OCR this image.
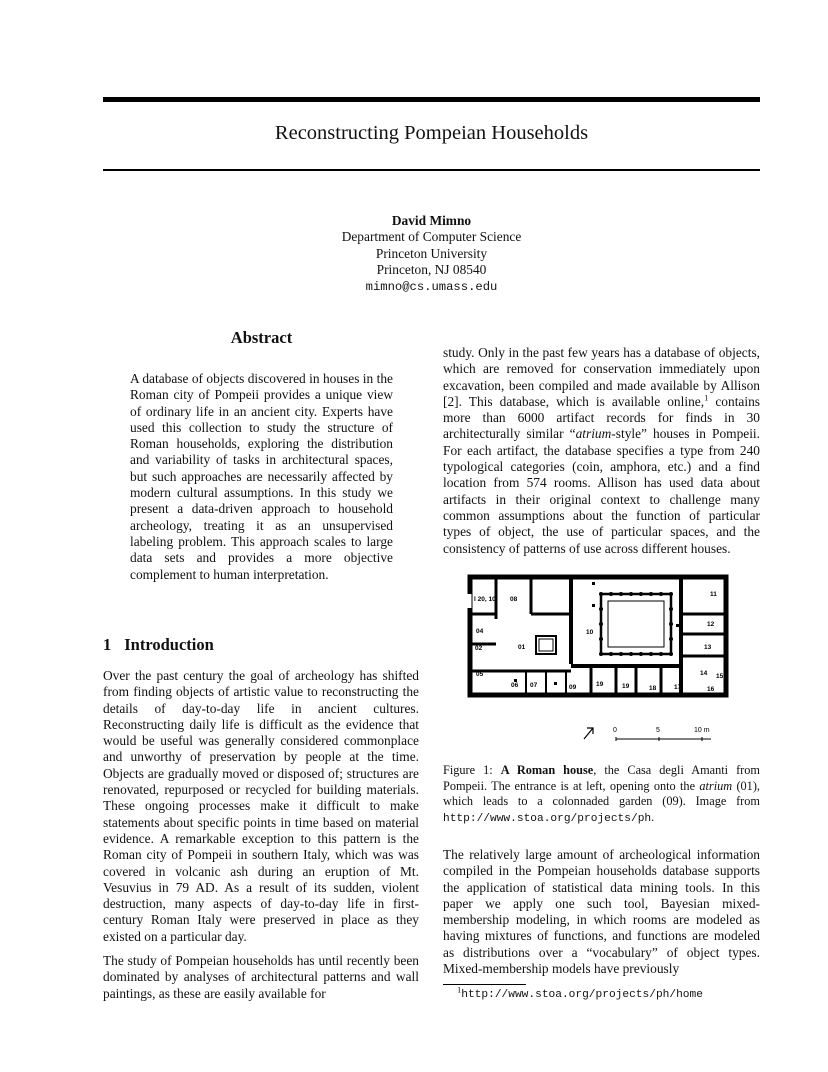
Reconstructing Pompeian Households
David Mimno
Department of Computer Science
Princeton University
Princeton, NJ 08540
mimno@cs.umass.edu
Abstract

A database of objects discovered in houses in the Roman city of Pompeii provides a unique view of ordinary life in an ancient city. Experts have used this collection to study the structure of Roman households, exploring the distribution and variability of tasks in architectural spaces, but such approaches are necessarily affected by modern cultural assumptions. In this study we present a data-driven approach to household archeology, treating it as an unsupervised labeling problem. This approach scales to large data sets and provides a more objective complement to human interpretation.

1 Introduction

Over the past century the goal of archeology has shifted from finding objects of artistic value to reconstructing the details of day-to-day life in ancient cultures. Reconstructing daily life is difficult as the evidence that would be useful was generally considered commonplace and unworthy of preservation by people at the time. Objects are gradually moved or disposed of; structures are renovated, repurposed or recycled for building materials. These ongoing processes make it difficult to make statements about specific points in time based on material evidence. A remarkable exception to this pattern is the Roman city of Pompeii in southern Italy, which was was covered in volcanic ash during an eruption of Mt. Vesuvius in 79 AD. As a result of its sudden, violent destruction, many aspects of day-to-day life in first-century Roman Italy were preserved in place as they existed on a particular day.

The study of Pompeian households has until recently been dominated by analyses of architectural patterns and wall paintings, as these are easily available for

study. Only in the past few years has a database of objects, which are removed for conservation immediately upon excavation, been compiled and made available by Allison [2]. This database, which is available online,$^1$ contains more than 6000 artifact records for finds in 30 architecturally similar “atrium-style” houses in Pompeii. For each artifact, the database specifies a type from 240 typological categories (coin, amphora, etc.) and a find location from 574 rooms. Allison has used data about artifacts in their original context to challenge many common assumptions about the function of particular types of object, the use of particular spaces, and the consistency of patterns of use across different houses.

l 20, 10 08
04
01
02
05
06 07	09
10
11
12
13
14 15
16
17
18
19
19
0	5	10 m

Figure 1: A Roman house, the Casa degli Amanti from Pompeii. The entrance is at left, opening onto the atrium (01), which leads to a colonnaded garden (09). Image from http://www.stoa.org/projects/ph.

The relatively large amount of archeological information compiled in the Pompeian households database supports the application of statistical data mining tools. In this paper we apply one such tool, Bayesian mixed-membership modeling, in which rooms are modeled as having mixtures of functions, and functions are modeled as distributions over a “vocabulary” of object types. Mixed-membership models have previously

$^1$http://www.stoa.org/projects/ph/home
